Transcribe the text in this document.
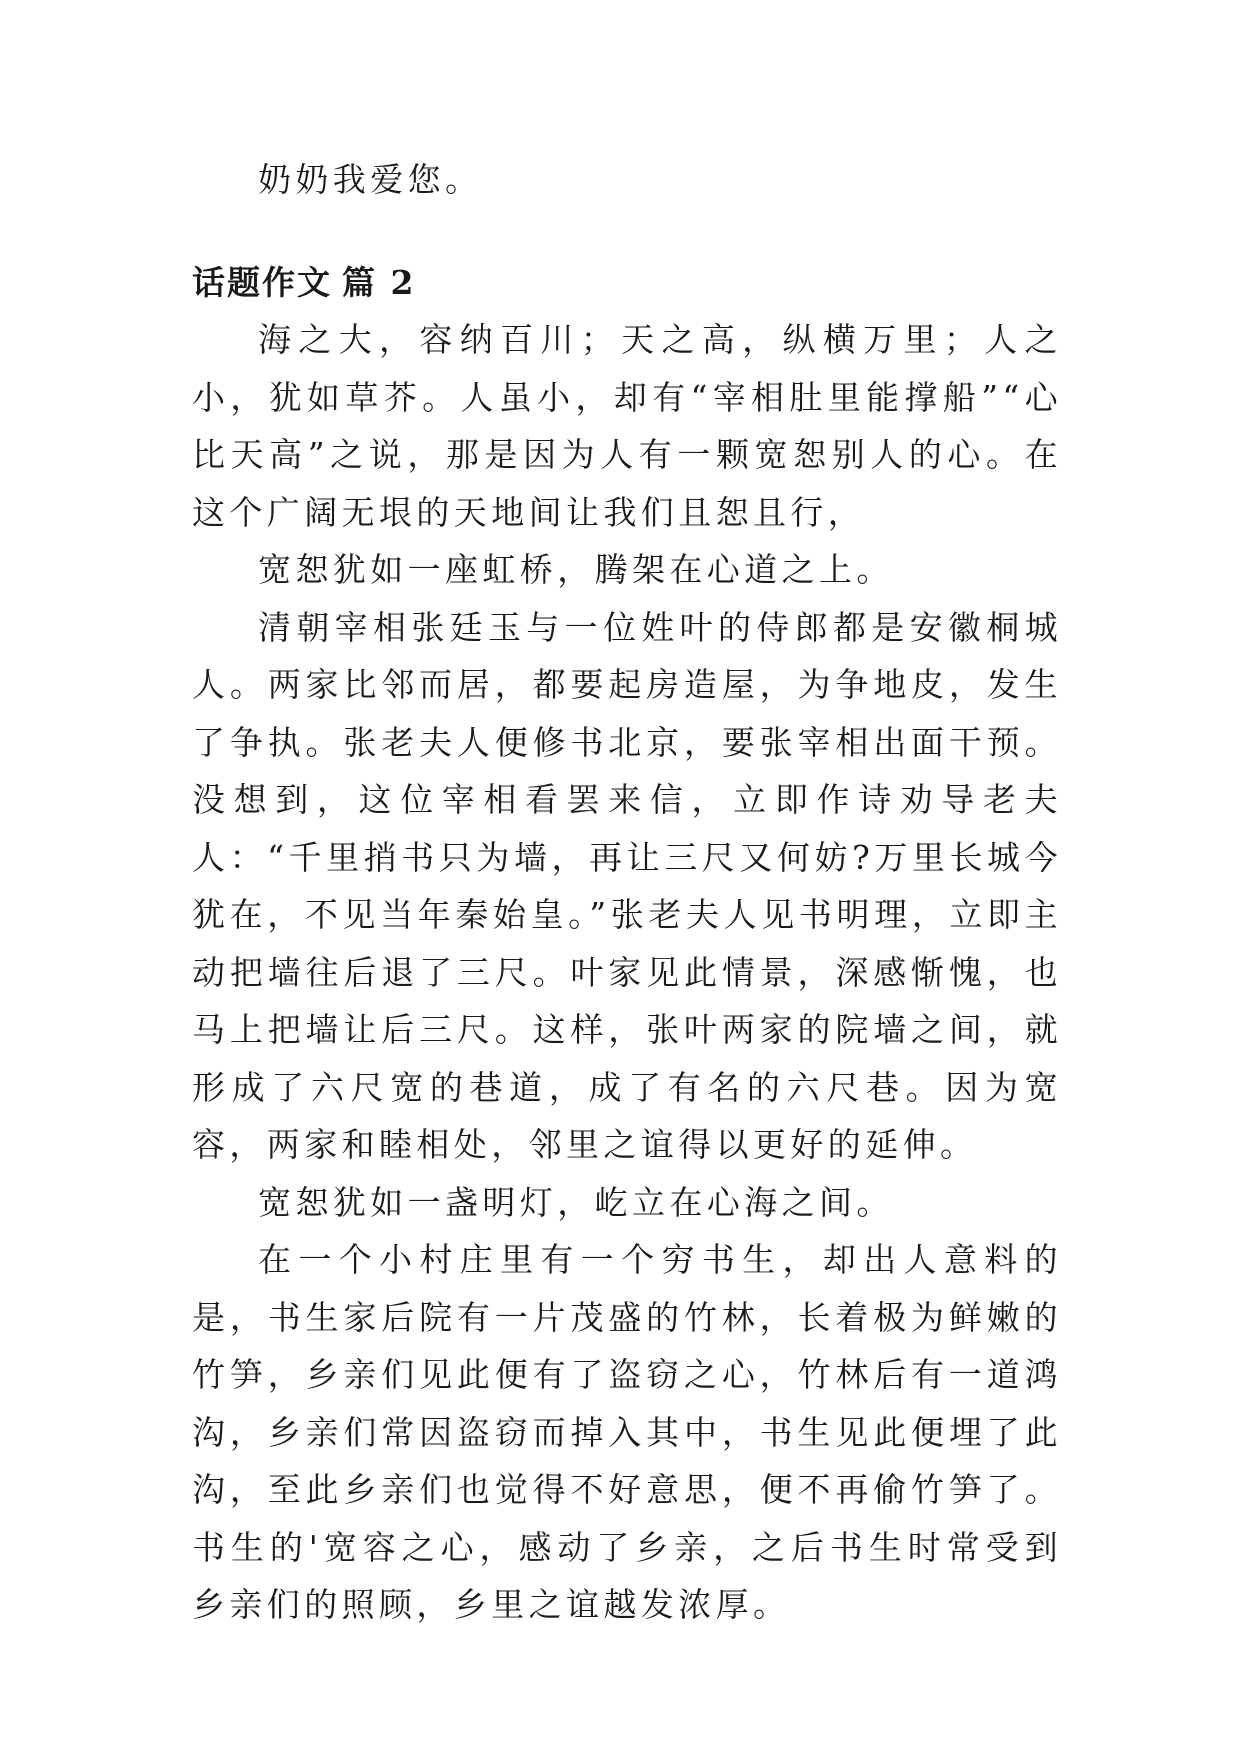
奶奶我爱您。

话题作文 篇 2

海之大，容纳百川；天之高，纵横万里；人之小，犹如草芥。人虽小，却有“宰相肚里能撑船”“心比天高”之说，那是因为人有一颗宽恕别人的心。在这个广阔无垠的天地间让我们且恕且行，

宽恕犹如一座虹桥，腾架在心道之上。

清朝宰相张廷玉与一位姓叶的侍郎都是安徽桐城人。两家比邻而居，都要起房造屋，为争地皮，发生了争执。张老夫人便修书北京，要张宰相出面干预。没想到，这位宰相看罢来信，立即作诗劝导老夫人：“千里捎书只为墙，再让三尺又何妨?万里长城今犹在，不见当年秦始皇。”张老夫人见书明理，立即主动把墙往后退了三尺。叶家见此情景，深感惭愧，也马上把墙让后三尺。这样，张叶两家的院墙之间，就形成了六尺宽的巷道，成了有名的六尺巷。因为宽容，两家和睦相处，邻里之谊得以更好的延伸。

宽恕犹如一盏明灯，屹立在心海之间。

在一个小村庄里有一个穷书生，却出人意料的是，书生家后院有一片茂盛的竹林，长着极为鲜嫩的竹笋，乡亲们见此便有了盗窃之心，竹林后有一道鸿沟，乡亲们常因盗窃而掉入其中，书生见此便埋了此沟，至此乡亲们也觉得不好意思，便不再偷竹笋了。书生的'宽容之心，感动了乡亲，之后书生时常受到乡亲们的照顾，乡里之谊越发浓厚。
